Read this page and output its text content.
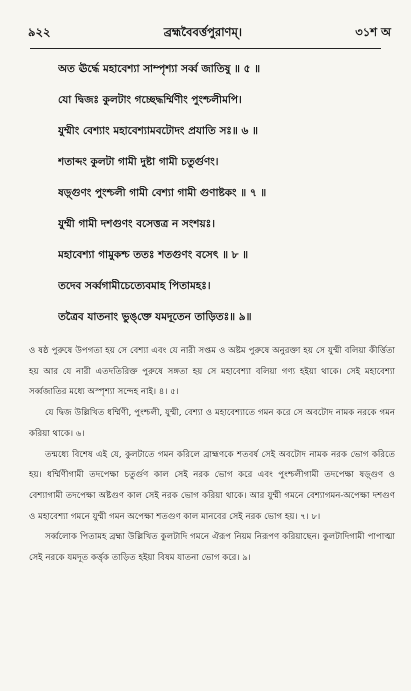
৯২২	ব্রহ্মবৈবর্ত্তপুরাণম্।	৩১শ অ
অত ঊর্দ্ধে মহাবেশ্যা সাম্পৃশ্যা সর্ব্ব জাতিষু ॥ ৫ ॥
যো দ্বিজঃ কুলটাং গচ্ছেদ্ধর্ম্মিণীং পুংশ্চলীমপি।
যুম্মীং বেশ্যাং মহাবেশ্যামবটোদং প্রযাতি সঃ॥ ৬ ॥
শতাব্দং কুলটা গামী দুষ্টা গামী চতুর্গুণং।
ষড়্গুণং পুংশ্চলী গামী বেশ্যা গামী গুণাষ্টকং ॥ ৭ ॥
যুম্মী গামী দশগুণং বসেত্তত্র ন সংশয়ঃ।
মহাবেশ্যা গামুকশ্চ ততঃ শতগুণং বসেৎ ॥ ৮ ॥
তদেব সর্ব্বগামীচেত্যেবমাহ পিতামহঃ।
তত্রৈব যাতনাং ভুঙ্‌ক্তে যমদূতেন তাড়িতঃ॥ ৯॥

ও ষষ্ঠ পুরুষে উপগতা হয় সে বেশ্যা এবং যে নারী সপ্তম ও অষ্টম পুরুষে অনুরক্তা হয় সে যুম্মী বলিয়া কীর্ত্তিতা হয় আর যে নারী এতদতিরিক্ত পুরুষে সঙ্গতা হয় সে মহাবেশ্যা বলিয়া গণ্য হইয়া থাকে। সেই মহাবেশ্যা সর্ব্বজাতির মধ্যে অস্পৃশ্যা সন্দেহ নাই। ৪। ৫।

যে দ্বিজ উল্লিখিত ধর্ম্মিণী, পুংশ্চলী, যুম্মী, বেশ্যা ও মহাবেশ্যাতে গমন করে সে অবটোদ নামক নরকে গমন করিয়া থাকে। ৬।

তন্মধ্যে বিশেষ এই যে, কুলটাতে গমন করিলে ব্রাহ্মণকে শতবর্ষ সেই অবটোদ নামক নরক ভোগ করিতে হয়। ধর্ম্মিণীগামী তদপেক্ষা চতুর্গুণ কাল সেই নরক ভোগ করে এবং পুংশ্চলীগামী তদপেক্ষা ষড়্গুণ ও বেশ্যাগামী তদপেক্ষা অষ্টগুণ কাল সেই নরক ভোগ করিয়া থাকে। আর যুম্মী গমনে বেশ্যাগমন-অপেক্ষা দশগুণ ও মহাবেশ্যা গমনে যুম্মী গমন অপেক্ষা শতগুণ কাল মানবের সেই নরক ভোগ হয়। ৭। ৮।

সর্ব্বলোক পিতামহ ব্রহ্মা উল্লিখিত কুলটাদি গমনে ঐরূপ নিয়ম নিরূপণ করিয়াছেন। কুলটাদিগামী পাপাত্মা সেই নরকে যমদূত কর্ত্তৃক তাড়িত হইয়া বিষম যাতনা ভোগ করে। ৯।
